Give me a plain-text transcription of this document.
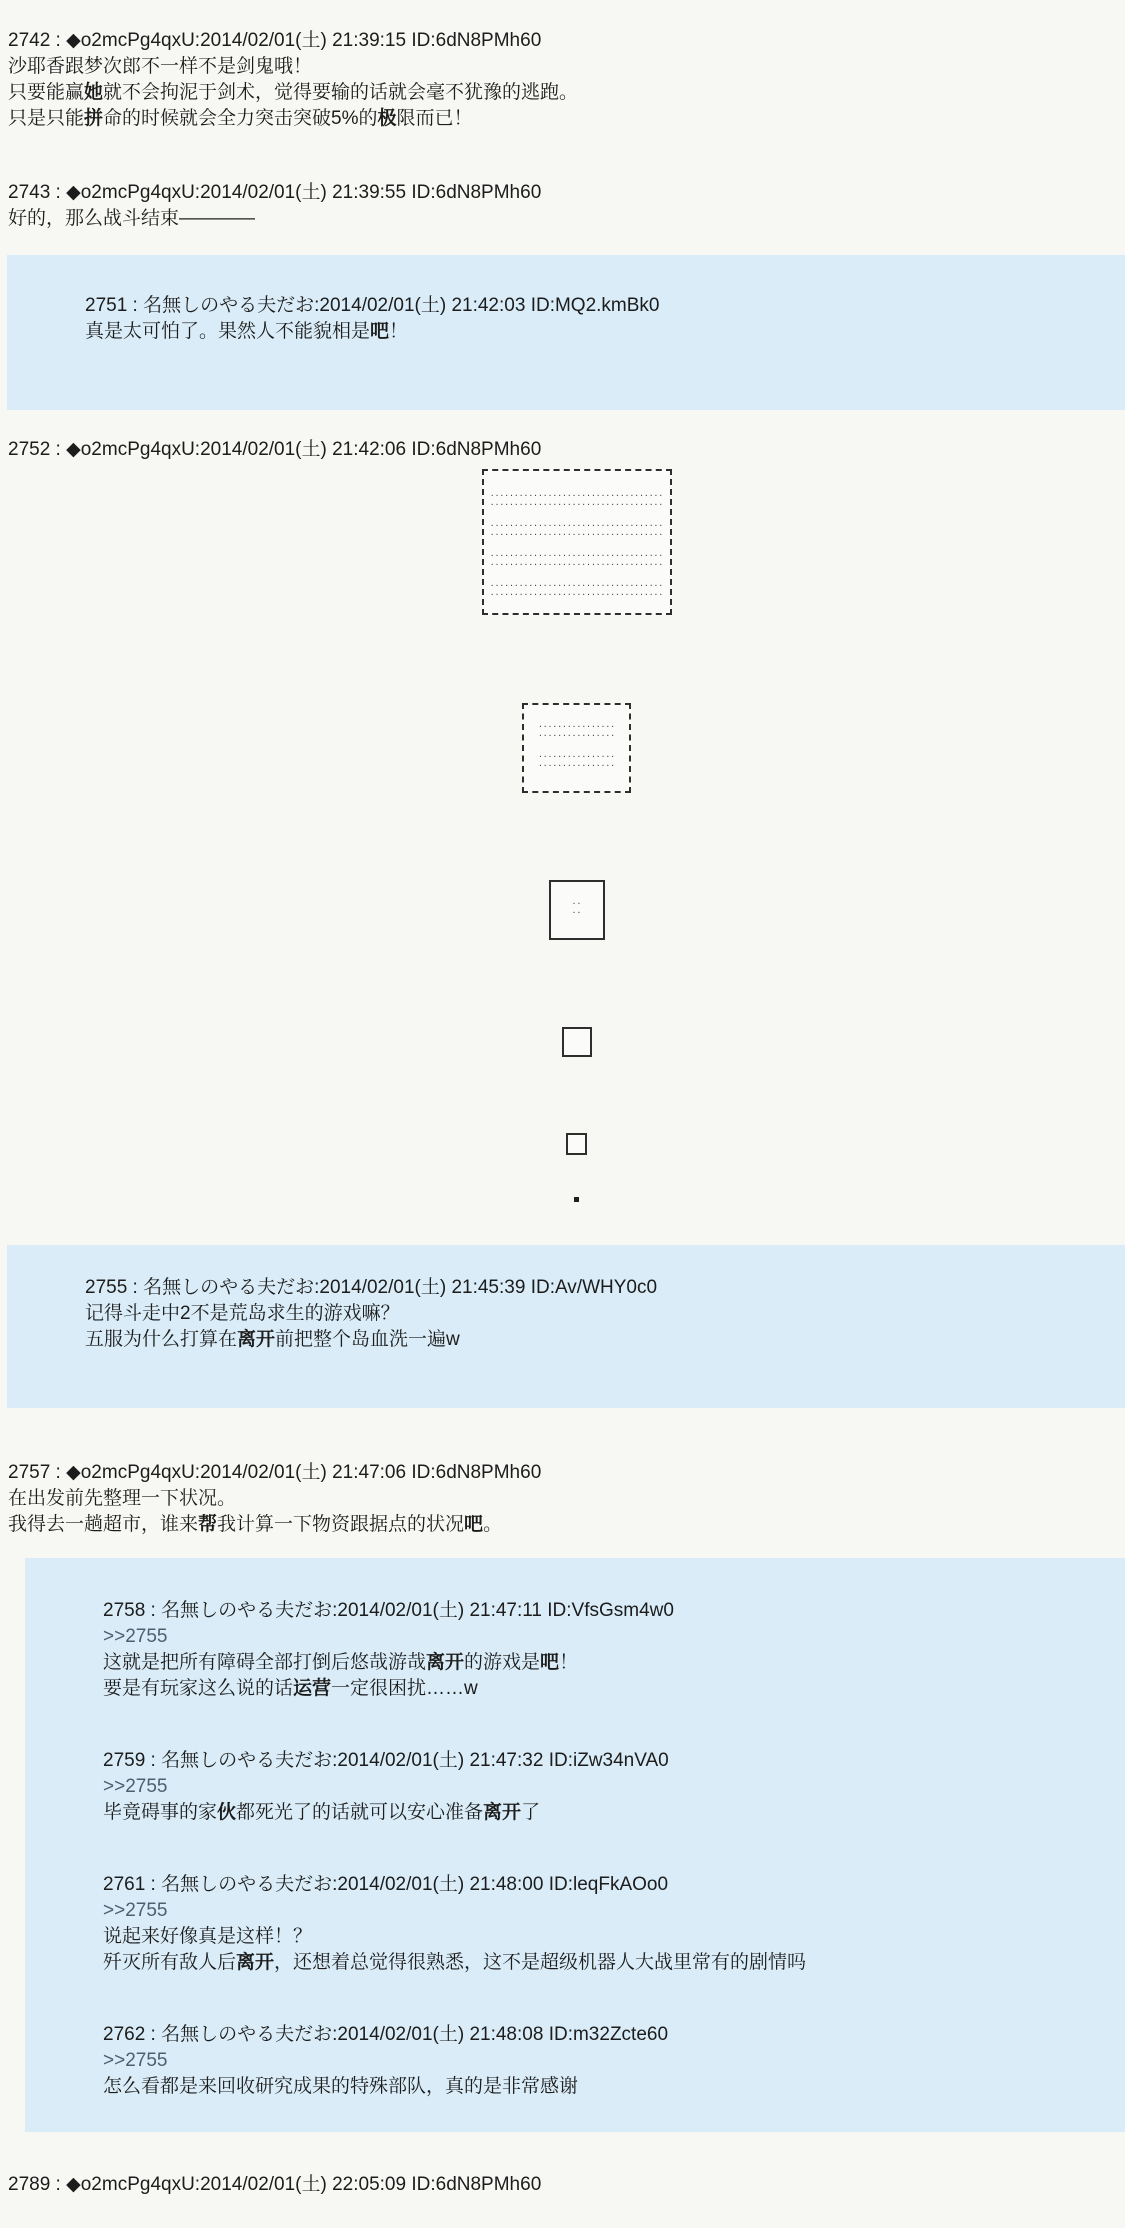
2742 : ◆o2mcPg4qxU:2014/02/01(土) 21:39:15 ID:6dN8PMh60
沙耶香跟梦次郎不一样不是剑鬼哦！
只要能赢她就不会拘泥于剑术，觉得要输的话就会毫不犹豫的逃跑。
只是只能拼命的时候就会全力突击突破5%的极限而已！
2743 : ◆o2mcPg4qxU:2014/02/01(土) 21:39:55 ID:6dN8PMh60
好的，那么战斗结束————
2751 : 名無しのやる夫だお:2014/02/01(土) 21:42:03 ID:MQ2.kmBk0
真是太可怕了。果然人不能貌相是吧！
2752 : ◆o2mcPg4qxU:2014/02/01(土) 21:42:06 ID:6dN8PMh60
····································
····································
····································
····································
····································
····································
····································
····································
················
················
················
················
··
··
2755 : 名無しのやる夫だお:2014/02/01(土) 21:45:39 ID:Av/WHY0c0
记得斗走中2不是荒岛求生的游戏嘛？
五服为什么打算在离开前把整个岛血洗一遍w
2757 : ◆o2mcPg4qxU:2014/02/01(土) 21:47:06 ID:6dN8PMh60
在出发前先整理一下状况。
我得去一趟超市，谁来帮我计算一下物资跟据点的状况吧。
2758 : 名無しのやる夫だお:2014/02/01(土) 21:47:11 ID:VfsGsm4w0
>>2755
这就是把所有障碍全部打倒后悠哉游哉离开的游戏是吧！
要是有玩家这么说的话运营一定很困扰……w
2759 : 名無しのやる夫だお:2014/02/01(土) 21:47:32 ID:iZw34nVA0
>>2755
毕竟碍事的家伙都死光了的话就可以安心准备离开了
2761 : 名無しのやる夫だお:2014/02/01(土) 21:48:00 ID:leqFkAOo0
>>2755
说起来好像真是这样！？
歼灭所有敌人后离开，还想着总觉得很熟悉，这不是超级机器人大战里常有的剧情吗
2762 : 名無しのやる夫だお:2014/02/01(土) 21:48:08 ID:m32Zcte60
>>2755
怎么看都是来回收研究成果的特殊部队，真的是非常感谢
2789 : ◆o2mcPg4qxU:2014/02/01(土) 22:05:09 ID:6dN8PMh60
